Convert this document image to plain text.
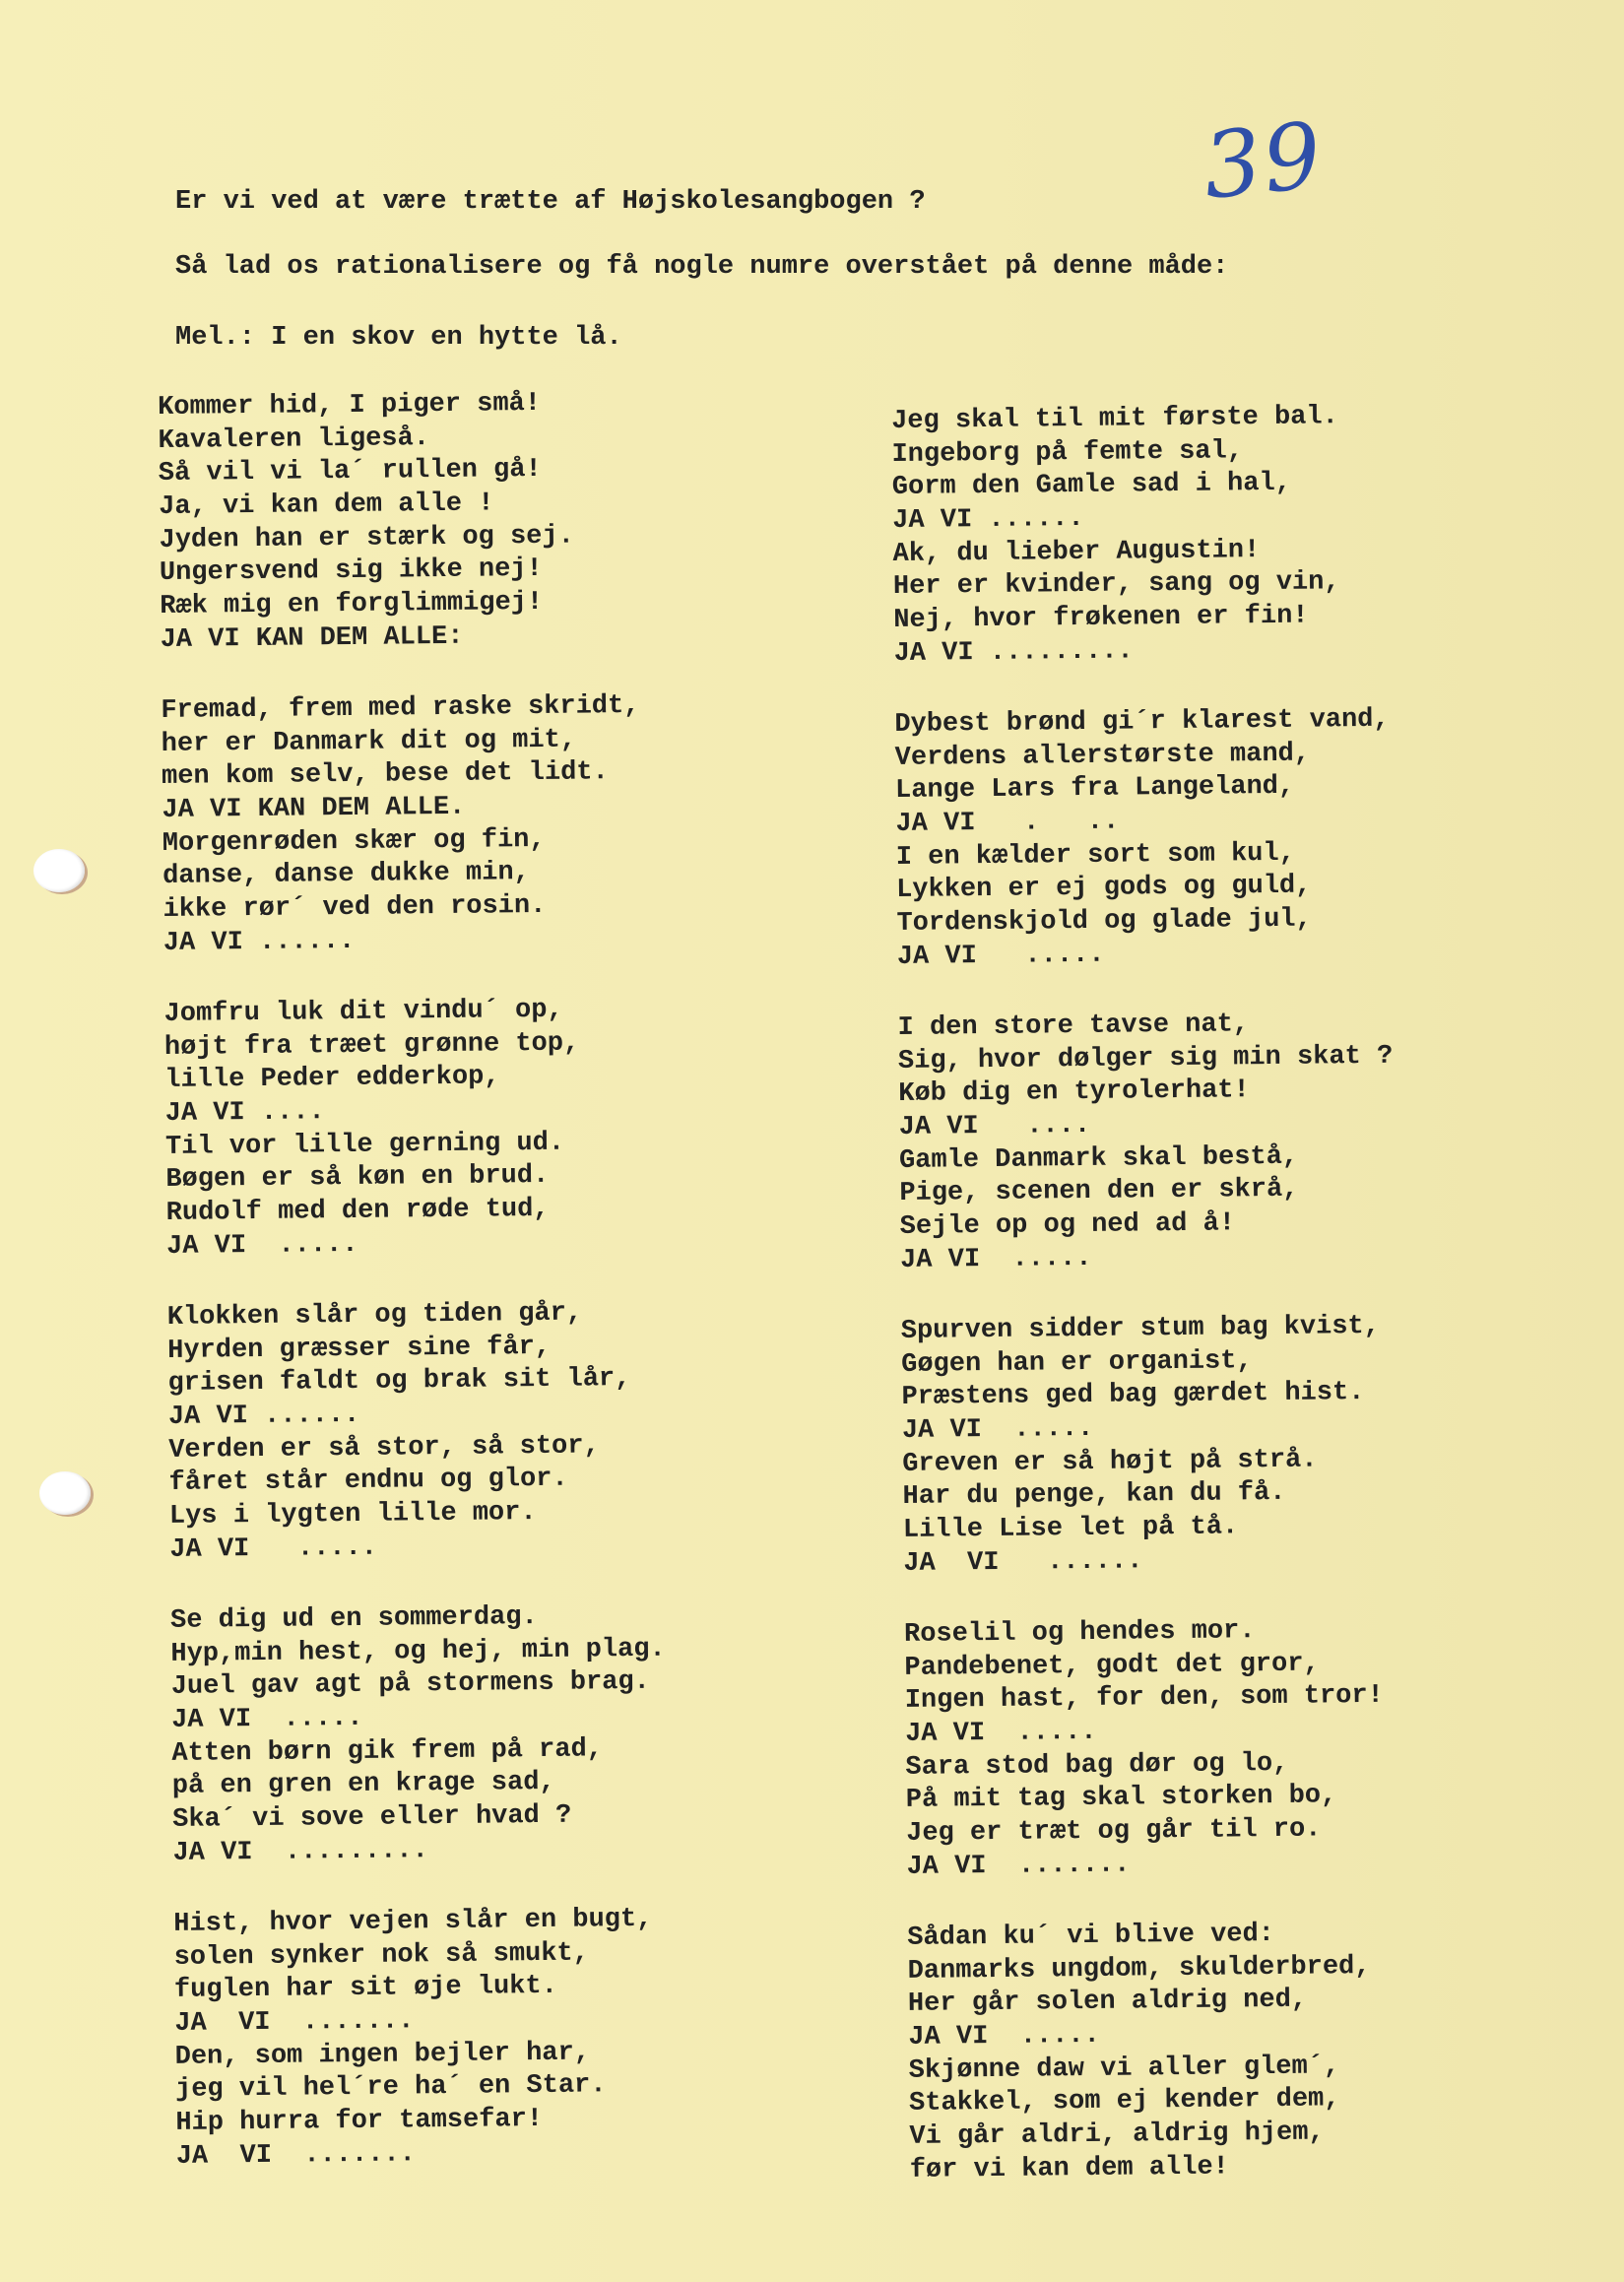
39

Er vi ved at være trætte af Højskolesangbogen ?

Så lad os rationalisere og få nogle numre overstået på denne måde:

Mel.: I en skov en hytte lå.

Kommer hid, I piger små!
Kavaleren ligeså.
Så vil vi la´ rullen gå!
Ja, vi kan dem alle !
Jyden han er stærk og sej.
Ungersvend sig ikke nej!
Ræk mig en forglimmigej!
JA VI KAN DEM ALLE:
Fremad, frem med raske skridt,
her er Danmark dit og mit,
men kom selv, bese det lidt.
JA VI KAN DEM ALLE.
Morgenrøden skær og fin,
danse, danse dukke min,
ikke rør´ ved den rosin.
JA VI ......
Jomfru luk dit vindu´ op,
højt fra træet grønne top,
lille Peder edderkop,
JA VI ....
Til vor lille gerning ud.
Bøgen er så køn en brud.
Rudolf med den røde tud,
JA VI  .....
Klokken slår og tiden går,
Hyrden græsser sine får,
grisen faldt og brak sit lår,
JA VI ......
Verden er så stor, så stor,
fåret står endnu og glor.
Lys i lygten lille mor.
JA VI   .....
Se dig ud en sommerdag.
Hyp,min hest, og hej, min plag.
Juel gav agt på stormens brag.
JA VI  .....
Atten børn gik frem på rad,
på en gren en krage sad,
Ska´ vi sove eller hvad ?
JA VI  .........
Hist, hvor vejen slår en bugt,
solen synker nok så smukt,
fuglen har sit øje lukt.
JA  VI  .......
Den, som ingen bejler har,
jeg vil hel´re ha´ en Star.
Hip hurra for tamsefar!
JA  VI  .......
Jeg skal til mit første bal.
Ingeborg på femte sal,
Gorm den Gamle sad i hal,
JA VI ......
Ak, du lieber Augustin!
Her er kvinder, sang og vin,
Nej, hvor frøkenen er fin!
JA VI .........
Dybest brønd gi´r klarest vand,
Verdens allerstørste mand,
Lange Lars fra Langeland,
JA VI   .   ..
I en kælder sort som kul,
Lykken er ej gods og guld,
Tordenskjold og glade jul,
JA VI   .....
I den store tavse nat,
Sig, hvor dølger sig min skat ?
Køb dig en tyrolerhat!
JA VI   ....
Gamle Danmark skal bestå,
Pige, scenen den er skrå,
Sejle op og ned ad å!
JA VI  .....
Spurven sidder stum bag kvist,
Gøgen han er organist,
Præstens ged bag gærdet hist.
JA VI  .....
Greven er så højt på strå.
Har du penge, kan du få.
Lille Lise let på tå.
JA  VI   ......
Roselil og hendes mor.
Pandebenet, godt det gror,
Ingen hast, for den, som tror!
JA VI  .....
Sara stod bag dør og lo,
På mit tag skal storken bo,
Jeg er træt og går til ro.
JA VI  .......
Sådan ku´ vi blive ved:
Danmarks ungdom, skulderbred,
Her går solen aldrig ned,
JA VI  .....
Skjønne daw vi aller glem´,
Stakkel, som ej kender dem,
Vi går aldri, aldrig hjem,
før vi kan dem alle!
